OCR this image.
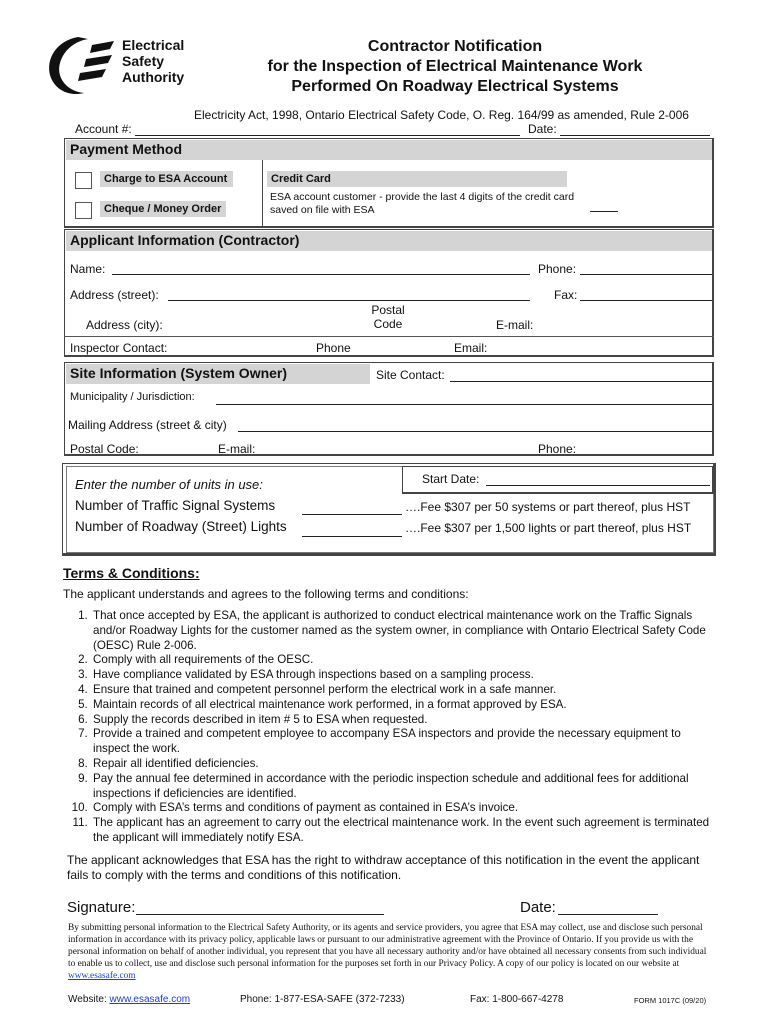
Electrical
Safety
Authority
Contractor Notification
for the Inspection of Electrical Maintenance Work
Performed On Roadway Electrical Systems
Electricity Act, 1998, Ontario Electrical Safety Code, O. Reg. 164/99 as amended, Rule 2-006
Account #:	Date:
Payment Method
Charge to ESA Account
Cheque / Money Order
Credit Card
ESA account customer - provide the last 4 digits of the credit card saved on file with ESA
Applicant Information (Contractor)
Name:	Phone:
Address (street):	Fax:
Postal Code
Address (city):	E-mail:
Inspector Contact:	Phone	Email:
Site Information (System Owner)	Site Contact:
Municipality / Jurisdiction:
Mailing Address (street & city)
Postal Code:	E-mail:	Phone:
Enter the number of units in use:	Start Date:
Number of Traffic Signal Systems	….Fee $307 per 50 systems or part thereof, plus HST
Number of Roadway (Street) Lights	….Fee $307 per 1,500 lights or part thereof, plus HST
Terms & Conditions:
The applicant understands and agrees to the following terms and conditions:
1. That once accepted by ESA, the applicant is authorized to conduct electrical maintenance work on the Traffic Signals and/or Roadway Lights for the customer named as the system owner, in compliance with Ontario Electrical Safety Code (OESC) Rule 2-006.
2. Comply with all requirements of the OESC.
3. Have compliance validated by ESA through inspections based on a sampling process.
4. Ensure that trained and competent personnel perform the electrical work in a safe manner.
5. Maintain records of all electrical maintenance work performed, in a format approved by ESA.
6. Supply the records described in item # 5 to ESA when requested.
7. Provide a trained and competent employee to accompany ESA inspectors and provide the necessary equipment to inspect the work.
8. Repair all identified deficiencies.
9. Pay the annual fee determined in accordance with the periodic inspection schedule and additional fees for additional inspections if deficiencies are identified.
10. Comply with ESA’s terms and conditions of payment as contained in ESA’s invoice.
11. The applicant has an agreement to carry out the electrical maintenance work. In the event such agreement is terminated the applicant will immediately notify ESA.
The applicant acknowledges that ESA has the right to withdraw acceptance of this notification in the event the applicant fails to comply with the terms and conditions of this notification.
Signature:	Date:
By submitting personal information to the Electrical Safety Authority, or its agents and service providers, you agree that ESA may collect, use and disclose such personal information in accordance with its privacy policy, applicable laws or pursuant to our administrative agreement with the Province of Ontario. If you provide us with the personal information on behalf of another individual, you represent that you have all necessary authority and/or have obtained all necessary consents from such individual to enable us to collect, use and disclose such personal information for the purposes set forth in our Privacy Policy. A copy of our policy is located on our website at www.esasafe.com
Website: www.esasafe.com	Phone: 1-877-ESA-SAFE (372-7233)	Fax: 1-800-667-4278	FORM 1017C (09/20)
